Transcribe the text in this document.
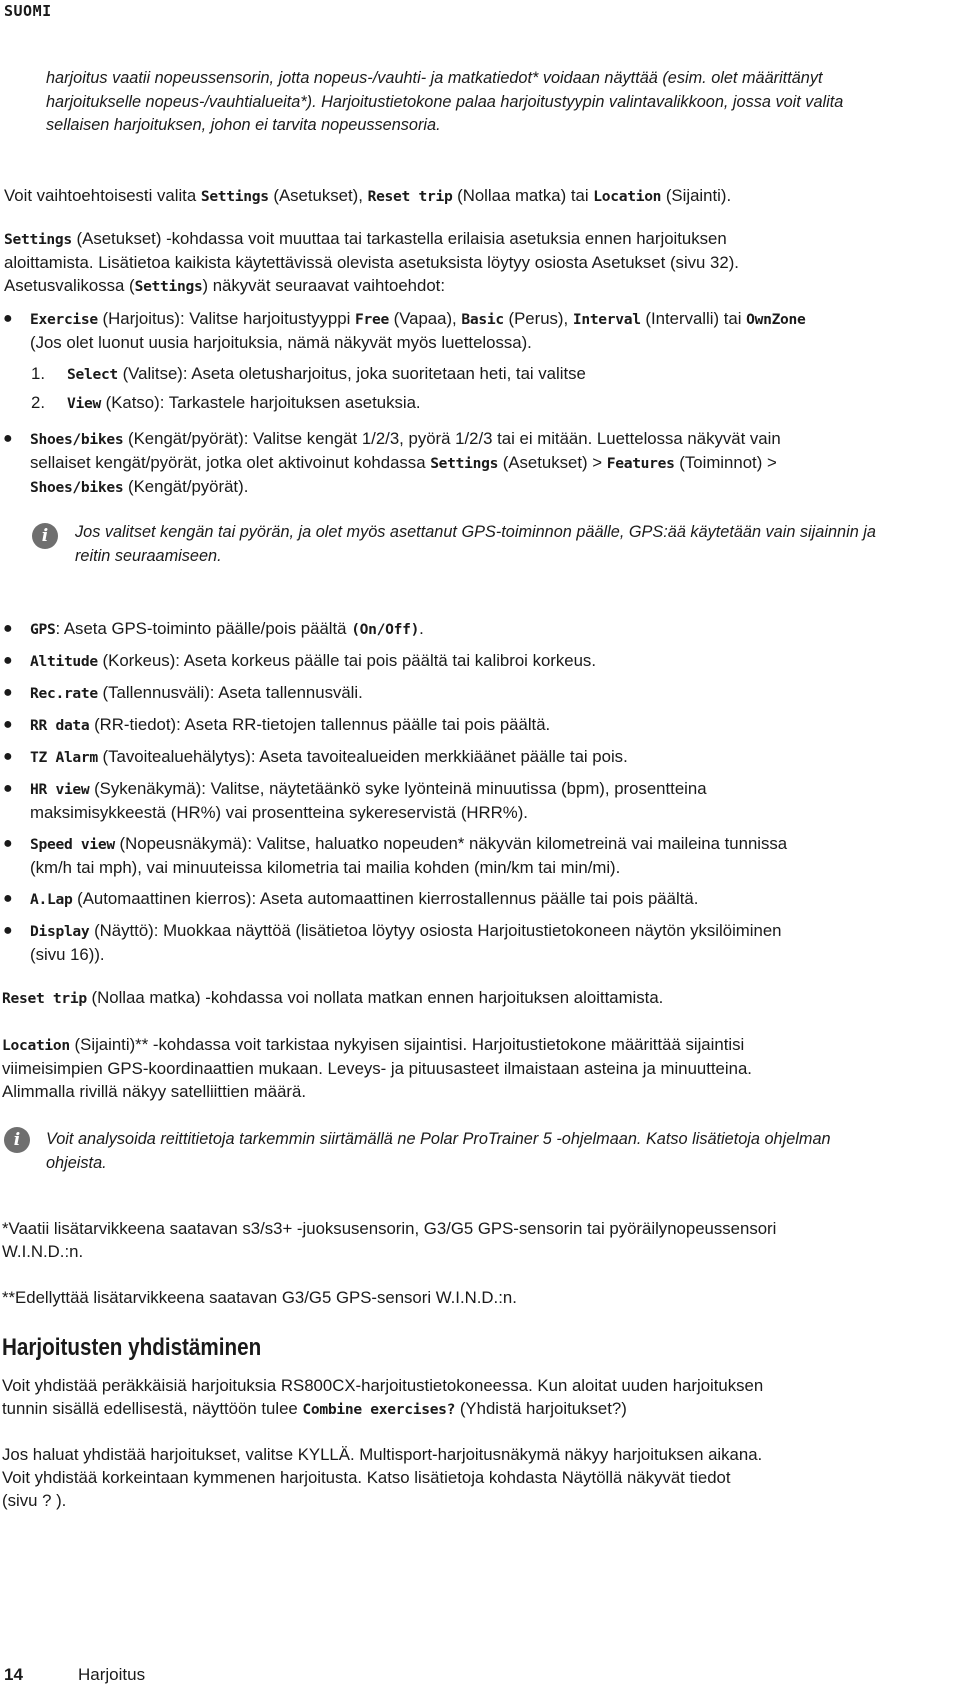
SUOMI
harjoitus vaatii nopeussensorin, jotta nopeus-/vauhti- ja matkatiedot* voidaan näyttää (esim. olet määrittänyt
harjoitukselle nopeus-/vauhtialueita*). Harjoitustietokone palaa harjoitustyypin valintavalikkoon, jossa voit valita
sellaisen harjoituksen, johon ei tarvita nopeussensoria.

Voit vaihtoehtoisesti valita Settings (Asetukset), Reset trip (Nollaa matka) tai Location (Sijainti).

Settings (Asetukset) -kohdassa voit muuttaa tai tarkastella erilaisia asetuksia ennen harjoituksen
aloittamista. Lisätietoa kaikista käytettävissä olevista asetuksista löytyy osiosta Asetukset (sivu 32).
Asetusvalikossa (Settings) näkyvät seuraavat vaihtoehdot:
● Exercise (Harjoitus): Valitse harjoitustyyppi Free (Vapaa), Basic (Perus), Interval (Intervalli) tai OwnZone
(Jos olet luonut uusia harjoituksia, nämä näkyvät myös luettelossa).
1. Select (Valitse): Aseta oletusharjoitus, joka suoritetaan heti, tai valitse
2. View (Katso): Tarkastele harjoituksen asetuksia.
● Shoes/bikes (Kengät/pyörät): Valitse kengät 1/2/3, pyörä 1/2/3 tai ei mitään. Luettelossa näkyvät vain
sellaiset kengät/pyörät, jotka olet aktivoinut kohdassa Settings (Asetukset) > Features (Toiminnot) >
Shoes/bikes (Kengät/pyörät).
i	Jos valitset kengän tai pyörän, ja olet myös asettanut GPS-toiminnon päälle, GPS:ää käytetään vain sijainnin ja
reitin seuraamiseen.
● GPS: Aseta GPS-toiminto päälle/pois päältä (On/Off).
● Altitude (Korkeus): Aseta korkeus päälle tai pois päältä tai kalibroi korkeus.
● Rec.rate (Tallennusväli): Aseta tallennusväli.
● RR data (RR-tiedot): Aseta RR-tietojen tallennus päälle tai pois päältä.
● TZ Alarm (Tavoitealuehälytys): Aseta tavoitealueiden merkkiäänet päälle tai pois.
● HR view (Sykenäkymä): Valitse, näytetäänkö syke lyönteinä minuutissa (bpm), prosentteina
maksimisykkeestä (HR%) vai prosentteina sykereservistä (HRR%).
● Speed view (Nopeusnäkymä): Valitse, haluatko nopeuden* näkyvän kilometreinä vai maileina tunnissa
(km/h tai mph), vai minuuteissa kilometria tai mailia kohden (min/km tai min/mi).
● A.Lap (Automaattinen kierros): Aseta automaattinen kierrostallennus päälle tai pois päältä.
● Display (Näyttö): Muokkaa näyttöä (lisätietoa löytyy osiosta Harjoitustietokoneen näytön yksilöiminen
(sivu 16)).

Reset trip (Nollaa matka) -kohdassa voi nollata matkan ennen harjoituksen aloittamista.

Location (Sijainti)** -kohdassa voit tarkistaa nykyisen sijaintisi. Harjoitustietokone määrittää sijaintisi
viimeisimpien GPS-koordinaattien mukaan. Leveys- ja pituusasteet ilmaistaan asteina ja minuutteina.
Alimmalla rivillä näkyy satelliittien määrä.
i	Voit analysoida reittitietoja tarkemmin siirtämällä ne Polar ProTrainer 5 -ohjelmaan. Katso lisätietoja ohjelman
ohjeista.
*Vaatii lisätarvikkeena saatavan s3/s3+ -juoksusensorin, G3/G5 GPS-sensorin tai pyöräilynopeussensori
W.I.N.D.:n.

**Edellyttää lisätarvikkeena saatavan G3/G5 GPS-sensori W.I.N.D.:n.

Harjoitusten yhdistäminen
Voit yhdistää peräkkäisiä harjoituksia RS800CX-harjoitustietokoneessa. Kun aloitat uuden harjoituksen
tunnin sisällä edellisestä, näyttöön tulee Combine exercises? (Yhdistä harjoitukset?)
Jos haluat yhdistää harjoitukset, valitse KYLLÄ. Multisport-harjoitusnäkymä näkyy harjoituksen aikana.
Voit yhdistää korkeintaan kymmenen harjoitusta. Katso lisätietoja kohdasta Näytöllä näkyvät tiedot
(sivu ? ).
14	Harjoitus
